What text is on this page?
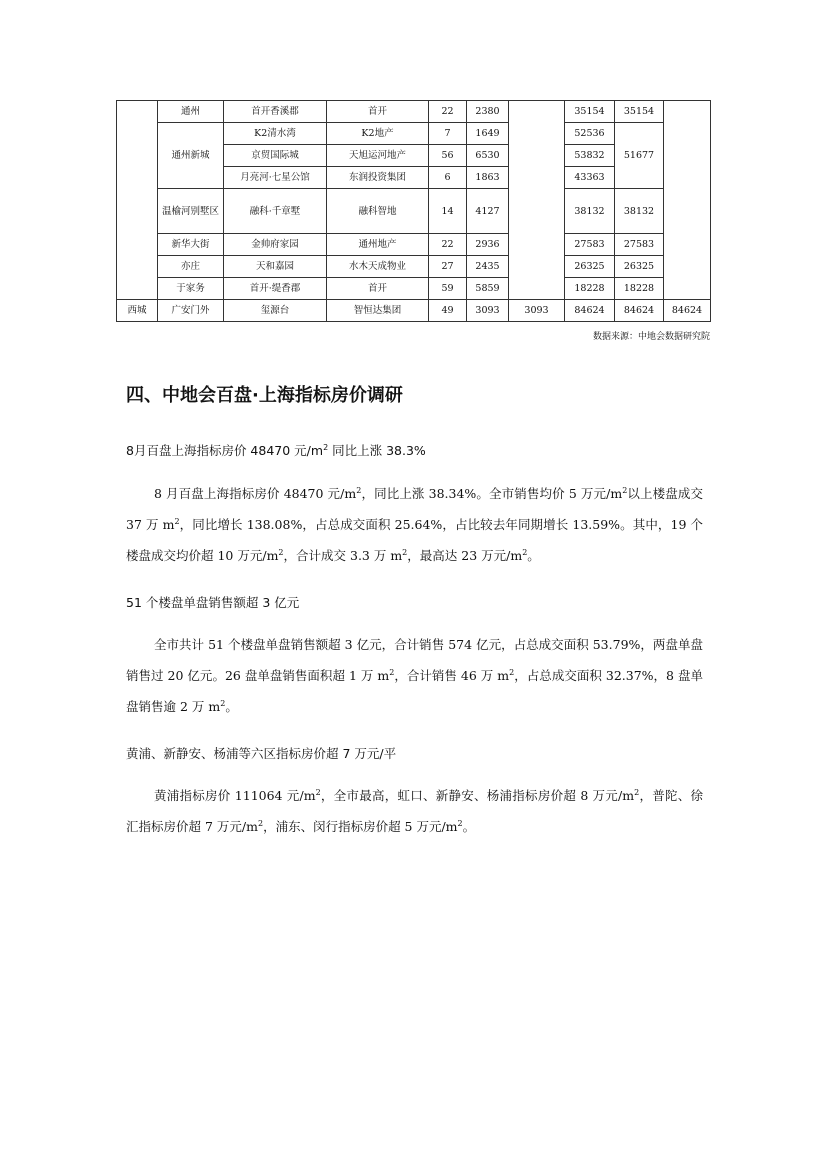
	通州	首开香溪郡	首开	22	2380		35154	35154	
	通州新城	K2清水湾	K2地产	7	1649		52536	51677	
		京贸国际城	天旭运河地产	56	6530		53832		
		月亮河·七星公馆	东润投资集团	6	1863		43363		
	温榆河别墅区	融科·千章墅	融科智地	14	4127		38132	38132	
	新华大街	金帅府家园	通州地产	22	2936		27583	27583	
	亦庄	天和嘉园	水木天成物业	27	2435		26325	26325	
	于家务	首开·缇香郡	首开	59	5859		18228	18228	
西城	广安门外	玺源台	智恒达集团	49	3093	3093	84624	84624	84624
数据来源：中地会数据研究院
四、中地会百盘·上海指标房价调研
8月百盘上海指标房价 48470 元$/m^2$ 同比上涨 38.3%

8 月百盘上海指标房价 48470 元$/m^2$，同比上涨 38.34%。全市销售均价 5 万元$/m^2$以上楼盘成交 37 万 $m^2$，同比增长 138.08%，占总成交面积 25.64%，占比较去年同期增长 13.59%。其中，19 个楼盘成交均价超 10 万元$/m^2$，合计成交 3.3 万 $m^2$，最高达 23 万元$/m^2$。

51 个楼盘单盘销售额超 3 亿元

全市共计 51 个楼盘单盘销售额超 3 亿元，合计销售 574 亿元，占总成交面积 53.79%，两盘单盘销售过 20 亿元。26 盘单盘销售面积超 1 万 $m^2$，合计销售 46 万 $m^2$，占总成交面积 32.37%，8 盘单盘销售逾 2 万 $m^2$。

黄浦、新静安、杨浦等六区指标房价超 7 万元/平

黄浦指标房价 111064 元$/m^2$，全市最高，虹口、新静安、杨浦指标房价超 8 万元$/m^2$，普陀、徐汇指标房价超 7 万元$/m^2$，浦东、闵行指标房价超 5 万元$/m^2$。
